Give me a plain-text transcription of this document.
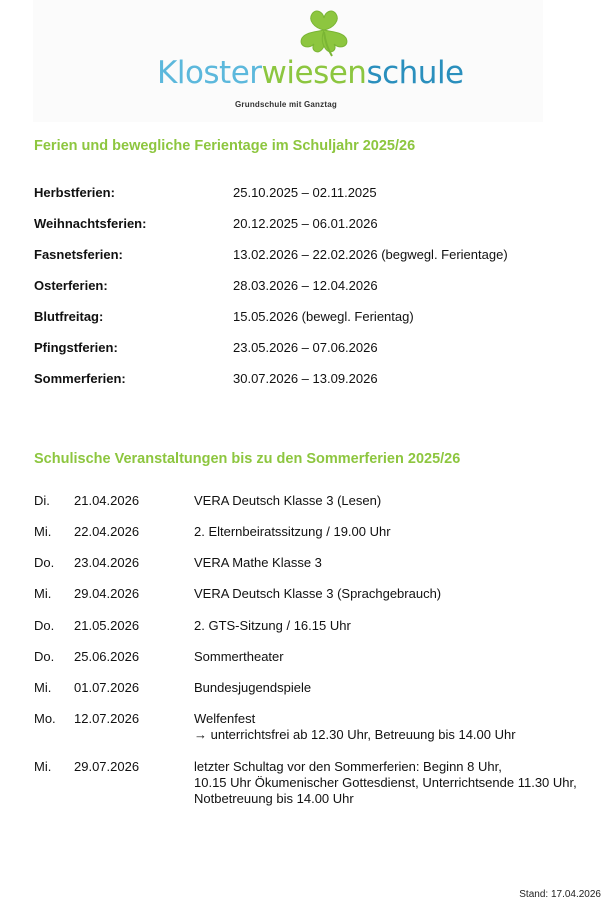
Klosterwiesenschule
Grundschule mit Ganztag
Ferien und bewegliche Ferientage im Schuljahr 2025/26
Herbstferien:	25.10.2025 – 02.11.2025
Weihnachtsferien:	20.12.2025 – 06.01.2026
Fasnetsferien:	13.02.2026 – 22.02.2026 (begwegl. Ferientage)
Osterferien:	28.03.2026 – 12.04.2026
Blutfreitag:	15.05.2026 (bewegl. Ferientag)
Pfingstferien:	23.05.2026 – 07.06.2026
Sommerferien:	30.07.2026 – 13.09.2026
Schulische Veranstaltungen bis zu den Sommerferien 2025/26
Di. 21.04.2026	VERA Deutsch Klasse 3 (Lesen)
Mi. 22.04.2026	2. Elternbeiratssitzung / 19.00 Uhr
Do. 23.04.2026	VERA Mathe Klasse 3
Mi. 29.04.2026	VERA Deutsch Klasse 3 (Sprachgebrauch)
Do. 21.05.2026	2. GTS-Sitzung / 16.15 Uhr
Do. 25.06.2026	Sommertheater
Mi. 01.07.2026	Bundesjugendspiele
Mo. 12.07.2026	Welfenfest
→ unterrichtsfrei ab 12.30 Uhr, Betreuung bis 14.00 Uhr
Mi. 29.07.2026	letzter Schultag vor den Sommerferien: Beginn 8 Uhr,
10.15 Uhr Ökumenischer Gottesdienst, Unterrichtsende 11.30 Uhr,
Notbetreuung bis 14.00 Uhr
Stand: 17.04.2026
